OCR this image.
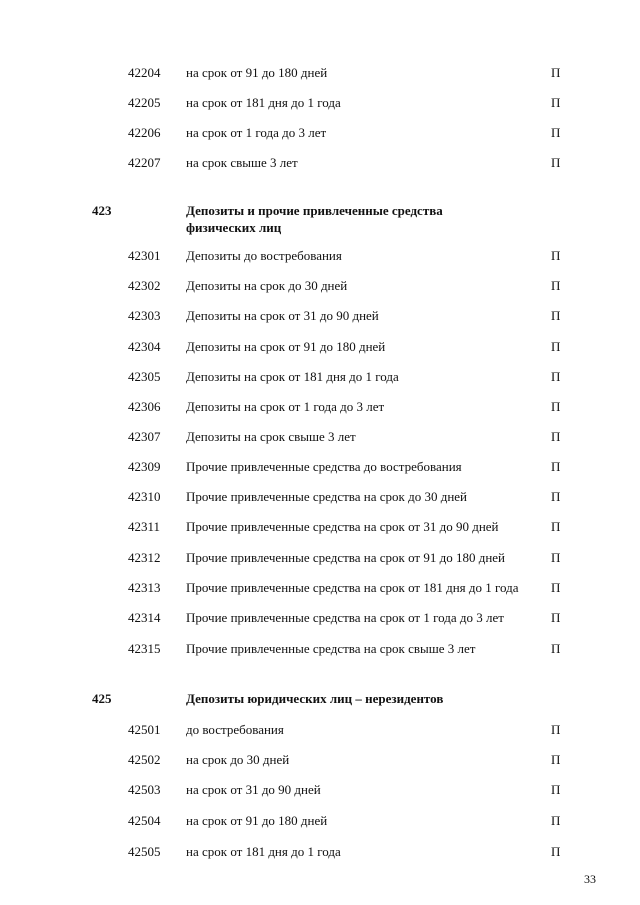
42204 на срок от 91 до 180 дней	П
42205 на срок от 181 дня до 1 года	П
42206 на срок от 1 года до 3 лет	П
42207 на срок свыше 3 лет	П
423	Депозиты и прочие привлеченные средства физических лиц
42301 Депозиты до востребования	П
42302 Депозиты на срок до 30 дней	П
42303 Депозиты на срок от 31 до 90 дней	П
42304 Депозиты на срок от 91 до 180 дней	П
42305 Депозиты на срок от 181 дня до 1 года	П
42306 Депозиты на срок от 1 года до 3 лет	П
42307 Депозиты на срок свыше 3 лет	П
42309 Прочие привлеченные средства до востребования	П
42310 Прочие привлеченные средства на срок до 30 дней	П
42311 Прочие привлеченные средства на срок от 31 до 90 дней	П
42312 Прочие привлеченные средства на срок от 91 до 180 дней	П
42313 Прочие привлеченные средства на срок от 181 дня до 1 года П
42314 Прочие привлеченные средства на срок от 1 года до 3 лет	П
42315 Прочие привлеченные средства на срок свыше 3 лет	П
425	Депозиты юридических лиц – нерезидентов
42501 до востребования	П
42502 на срок до 30 дней	П
42503 на срок от 31 до 90 дней	П
42504 на срок от 91 до 180 дней	П
42505 на срок от 181 дня до 1 года	П
33
